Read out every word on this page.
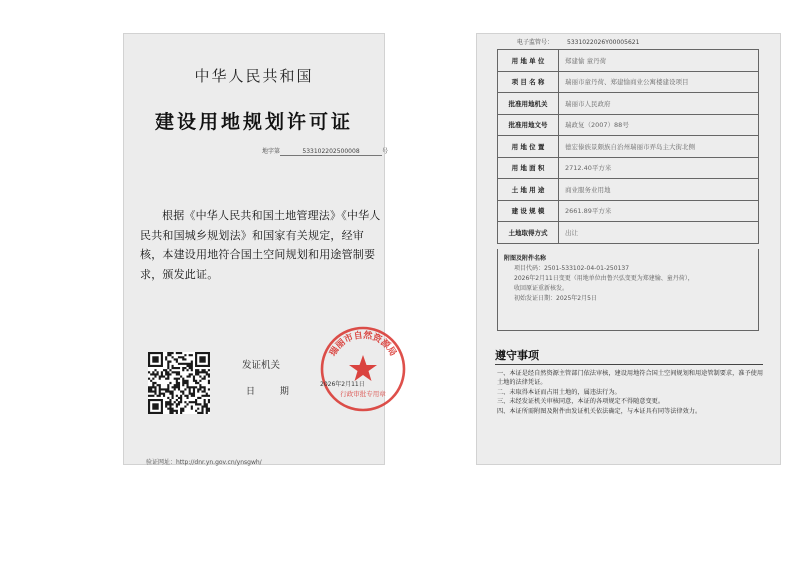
中华人民共和国
建设用地规划许可证
地字第	533102202500008	号
根据《中华人民共和国土地管理法》《中华人民共和国城乡规划法》和国家有关规定，经审核，本建设用地符合国土空间规划和用途管制要求，颁发此证。
发证机关
日 期
瑞丽市自然资源局
行政审批专用章
2026年2月11日
验证网址：http://dnr.yn.gov.cn/ynsgwh/
电子监管号： 5331022026Y00005621
用 地 单 位	郑建愉 童丹荷
项 目 名 称	瑞丽市童丹荷、郑建愉商业公寓楼建设项目
批准用地机关	瑞丽市人民政府
批准用地文号	瑞政复（2007）88号
用 地 位 置	德宏傣族景颇族自治州瑞丽市弄岛主大街北侧
用 地 面 积	2712.40平方米
土 地 用 途	商业服务业用地
建 设 规 模	2661.89平方米
土地取得方式	出让
附图及附件名称
项目代码：2501-533102-04-01-250137
2026年2月11日变更（用地单位由鲁兴弘变更为郑建愉、童丹荷），
收回原证重新核发。
初始发证日期：2025年2月5日
遵守事项
一、本证是经自然资源主管部门依法审核，建设用地符合国土空间规划和用途管制要求，准予使用土地的法律凭证。
二、未取得本证而占用土地的，属违法行为。
三、未经发证机关审核同意，本证的各项规定不得随意变更。
四、本证所需附图及附件由发证机关依法确定，与本证具有同等法律效力。
